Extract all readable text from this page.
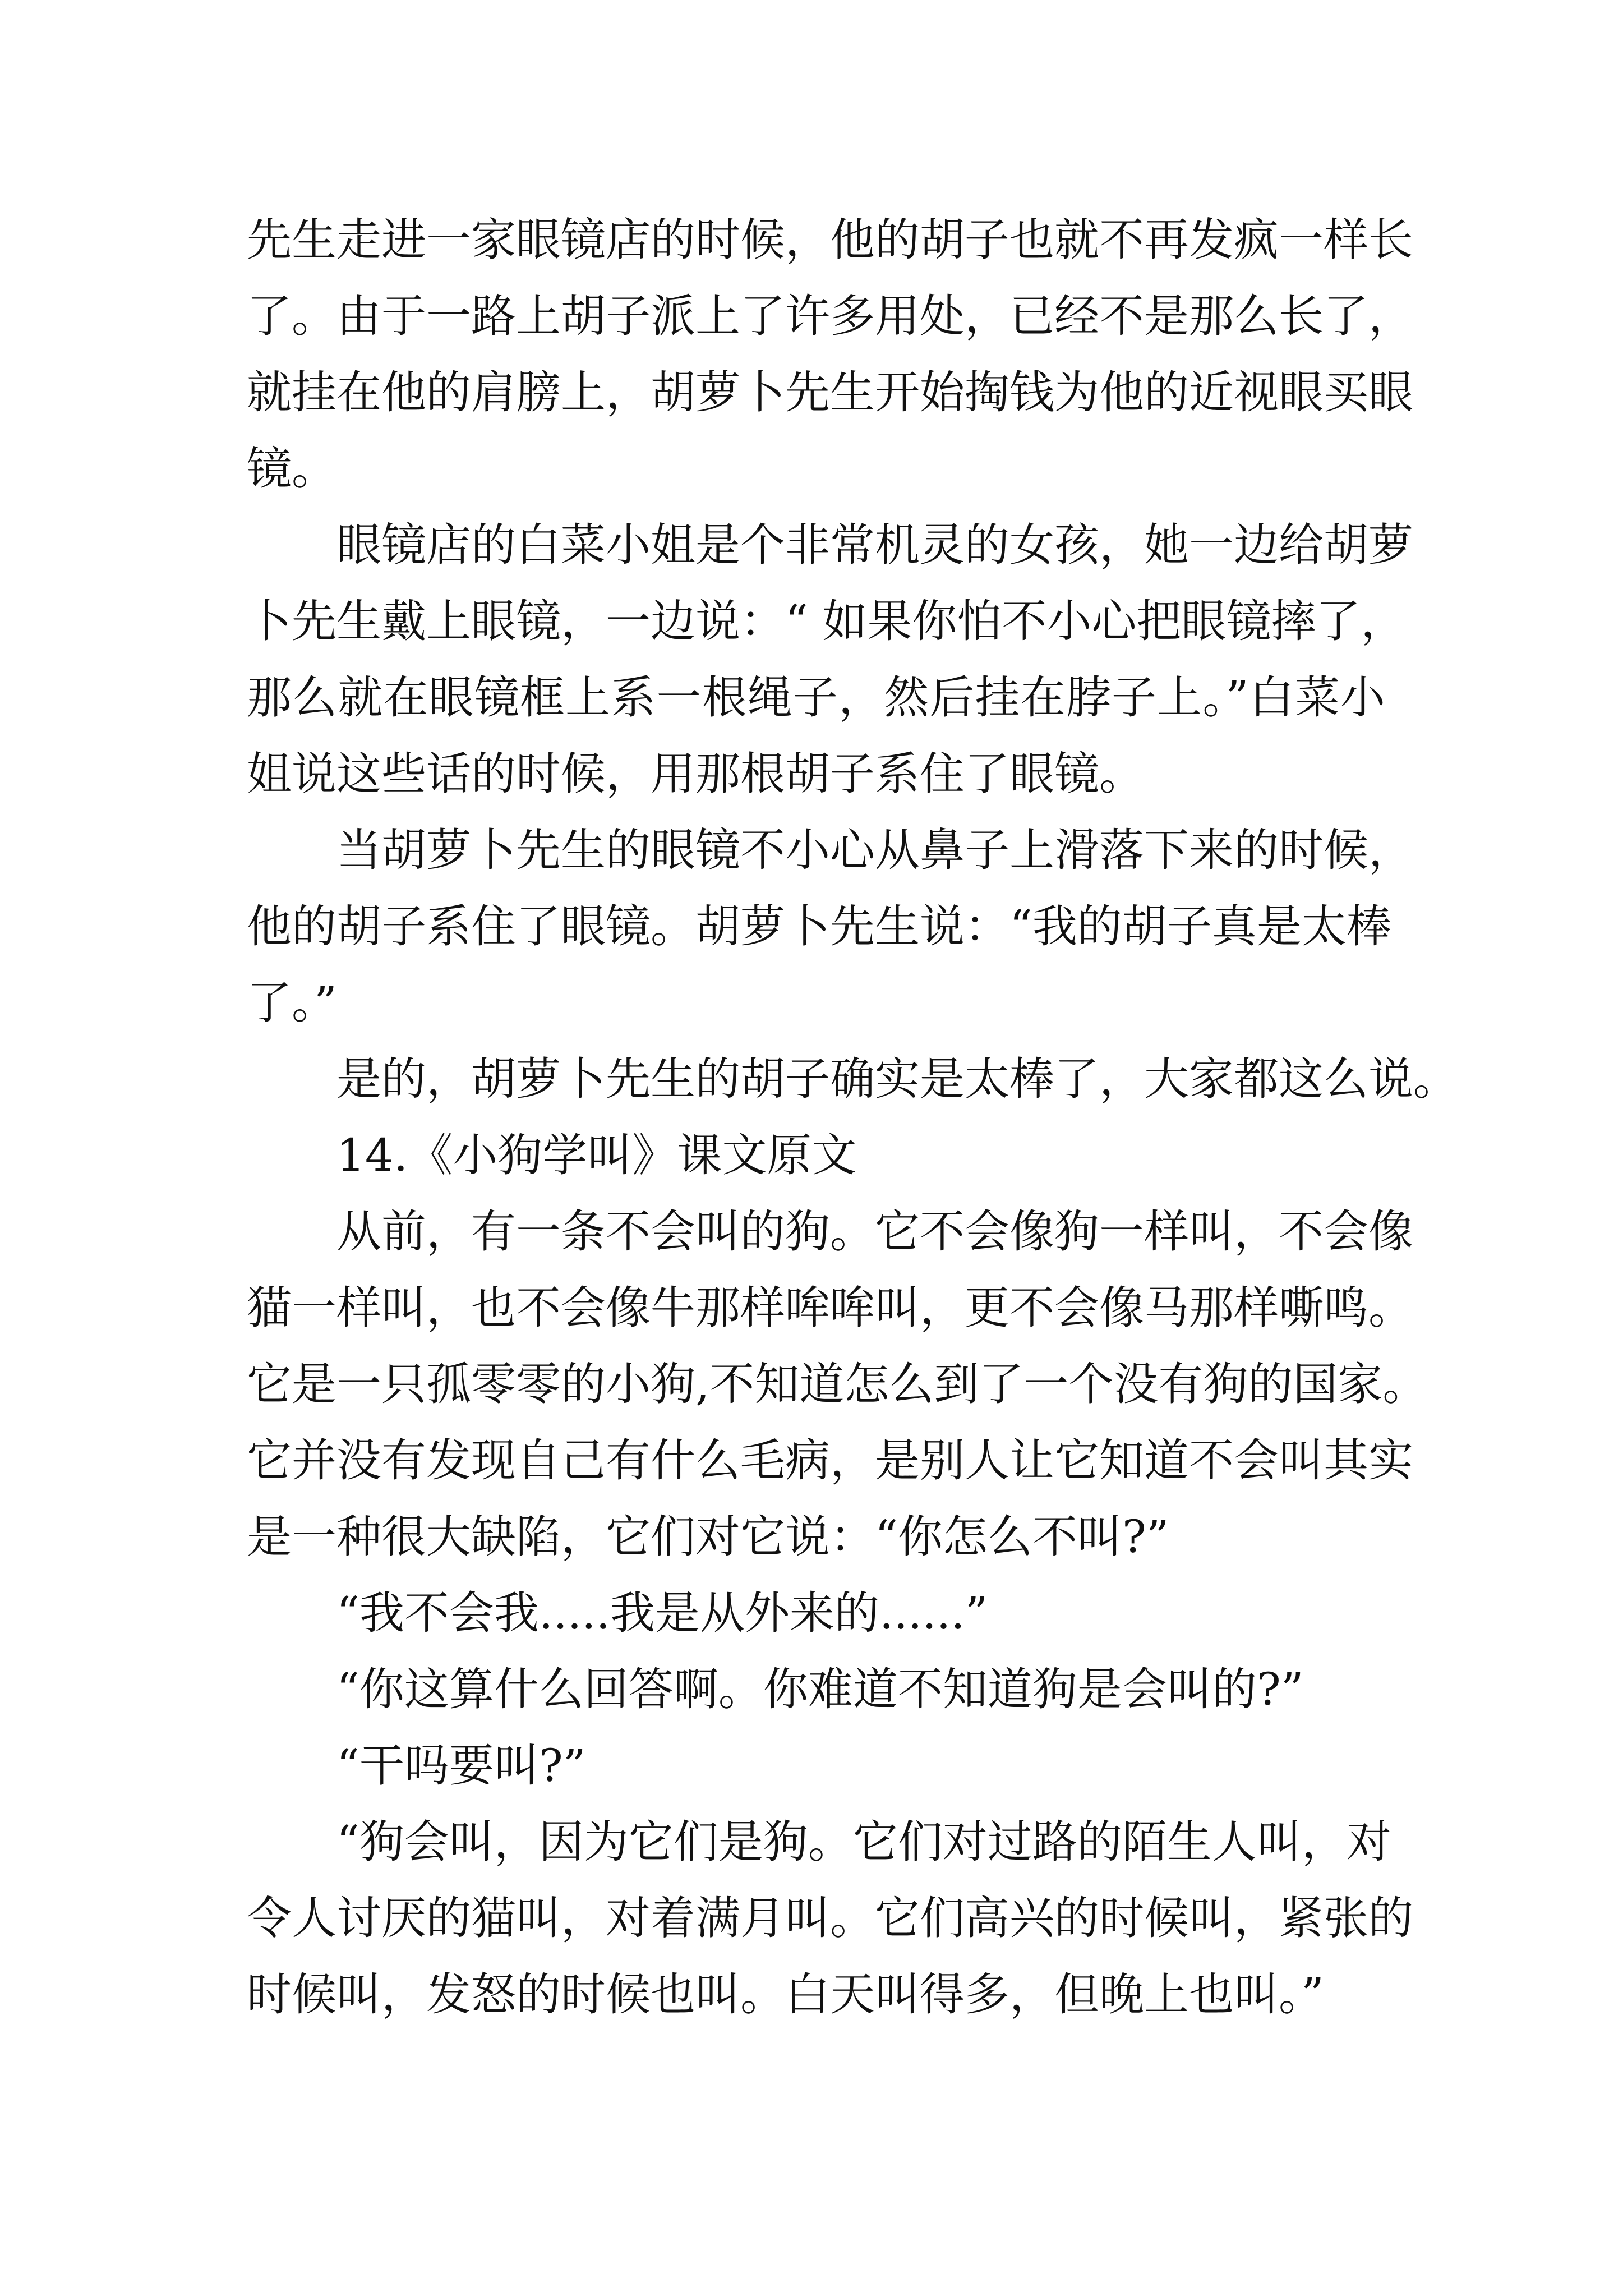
先生走进一家眼镜店的时候，他的胡子也就不再发疯一样长
了。由于一路上胡子派上了许多用处，已经不是那么长了，
就挂在他的肩膀上，胡萝卜先生开始掏钱为他的近视眼买眼
镜。
眼镜店的白菜小姐是个非常机灵的女孩，她一边给胡萝
卜先生戴上眼镜，一边说：“ 如果你怕不小心把眼镜摔了，
那么就在眼镜框上系一根绳子，然后挂在脖子上。”白菜小
姐说这些话的时候，用那根胡子系住了眼镜。
当胡萝卜先生的眼镜不小心从鼻子上滑落下来的时候，
他的胡子系住了眼镜。胡萝卜先生说：“我的胡子真是太棒
了。”
是的，胡萝卜先生的胡子确实是太棒了，大家都这么说。
14.《小狗学叫》课文原文
从前，有一条不会叫的狗。它不会像狗一样叫，不会像
猫一样叫，也不会像牛那样哞哞叫，更不会像马那样嘶鸣。
它是一只孤零零的小狗,不知道怎么到了一个没有狗的国家。
它并没有发现自己有什么毛病，是别人让它知道不会叫其实
是一种很大缺陷，它们对它说：“你怎么不叫?”
“我不会我.....我是从外来的......”
“你这算什么回答啊。你难道不知道狗是会叫的?”
“干吗要叫?”
“狗会叫，因为它们是狗。它们对过路的陌生人叫，对
令人讨厌的猫叫，对着满月叫。它们高兴的时候叫，紧张的
时候叫，发怒的时候也叫。白天叫得多，但晚上也叫。”
